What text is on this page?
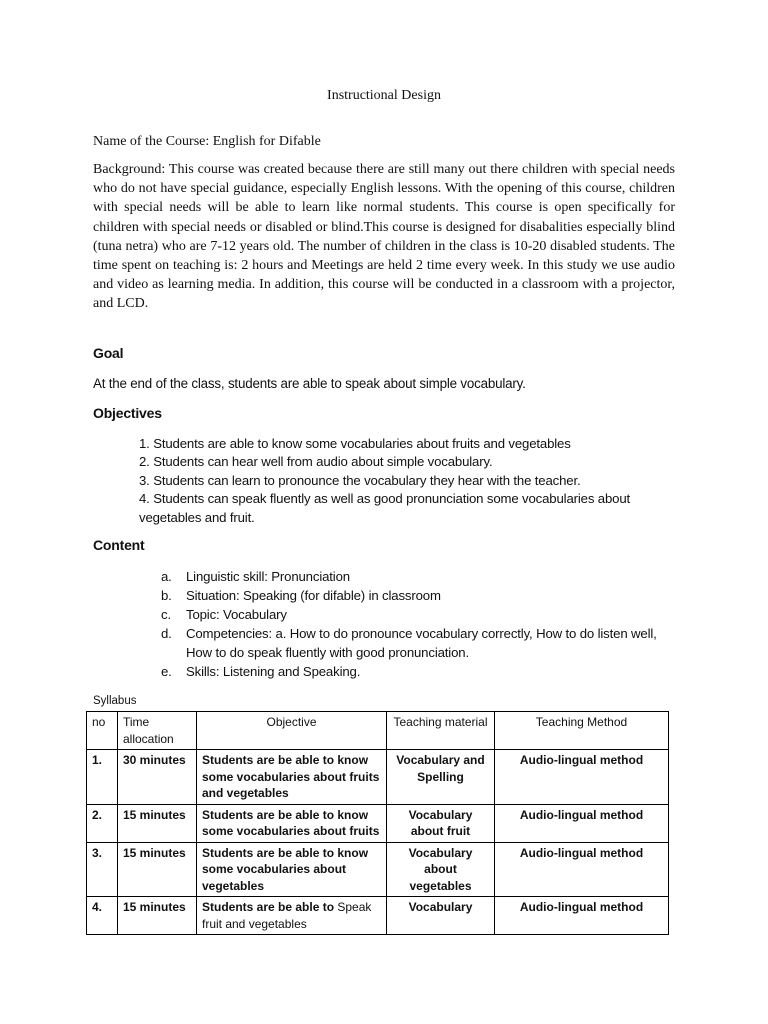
Instructional Design
Name of the Course: English for Difable

Background: This course was created because there are still many out there children with special needs who do not have special guidance, especially English lessons. With the opening of this course, children with special needs will be able to learn like normal students. This course is open specifically for children with special needs or disabled or blind.This course is designed for disabalities especially blind (tuna netra) who are 7-12 years old. The number of children in the class is 10-20 disabled students. The time spent on teaching is: 2 hours and Meetings are held 2 time every week. In this study we use audio and video as learning media. In addition, this course will be conducted in a classroom with a projector, and LCD.

Goal
At the end of the class, students are able to speak about simple vocabulary.
Objectives
1. Students are able to know some vocabularies about fruits and vegetables
2. Students can hear well from audio about simple vocabulary.
3. Students can learn to pronounce the vocabulary they hear with the teacher.
4. Students can speak fluently as well as good pronunciation some vocabularies about vegetables and fruit.
Content
a.	Linguistic skill: Pronunciation
b.	Situation: Speaking (for difable) in classroom
c.	Topic: Vocabulary
d.	Competencies: a. How to do pronounce vocabulary correctly, How to do listen well, How to do speak fluently with good pronunciation.
e.	Skills: Listening and Speaking.
Syllabus
no	Time allocation	Objective	Teaching material	Teaching Method
1.	30 minutes	Students are be able to know some vocabularies about fruits and vegetables	Vocabulary and Spelling	Audio-lingual method
2.	15 minutes	Students are be able to know some vocabularies about fruits	Vocabulary about fruit	Audio-lingual method
3.	15 minutes	Students are be able to know some vocabularies about vegetables	Vocabulary about vegetables	Audio-lingual method
4.	15 minutes	Students are be able to Speak fruit and vegetables	Vocabulary	Audio-lingual method
